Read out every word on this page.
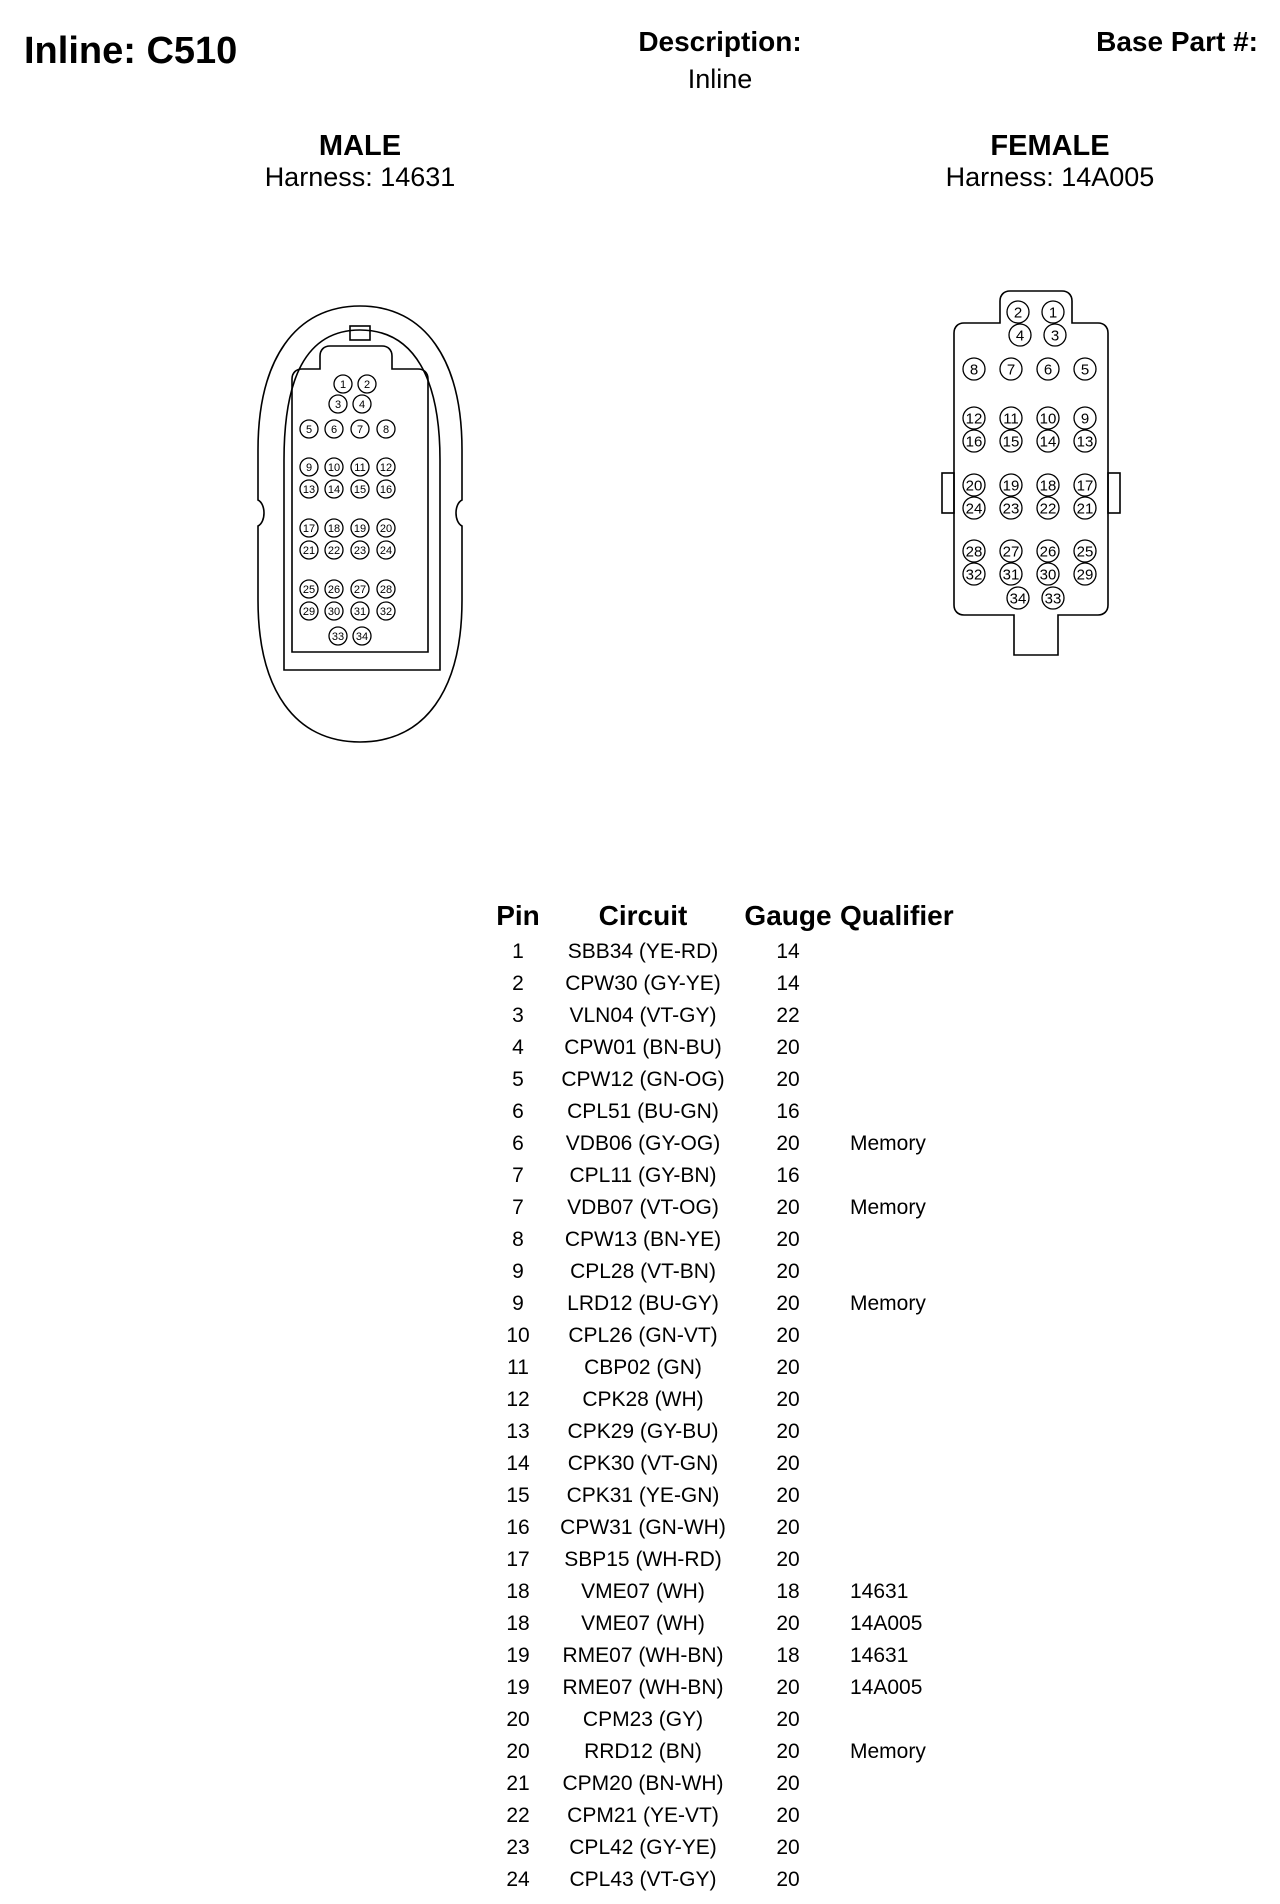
Inline: C510	Description:
Inline
Base Part #:
MALE
Harness: 14631
FEMALE
Harness: 14A005
1 2
3 4
5 6 7 8
9 10 11 12
13 14 15 16
17 18 19 20
21 22 23 24
25 26 27 28
29 30 31 32
33 34
2 1
4 3
8 7 6 5
12 11 10 9
16 15 14 13
20 19 18 17
24 23 22 21
28 27 26 25
32 31 30 29
34 33
Pin	Circuit	Gauge	Qualifier
1	SBB34 (YE-RD)	14	
2	CPW30 (GY-YE)	14	
3	VLN04 (VT-GY)	22	
4	CPW01 (BN-BU)	20	
5	CPW12 (GN-OG)	20	
6	CPL51 (BU-GN)	16	
6	VDB06 (GY-OG)	20	Memory
7	CPL11 (GY-BN)	16	
7	VDB07 (VT-OG)	20	Memory
8	CPW13 (BN-YE)	20	
9	CPL28 (VT-BN)	20	
9	LRD12 (BU-GY)	20	Memory
10	CPL26 (GN-VT)	20	
11	CBP02 (GN)	20	
12	CPK28 (WH)	20	
13	CPK29 (GY-BU)	20	
14	CPK30 (VT-GN)	20	
15	CPK31 (YE-GN)	20	
16	CPW31 (GN-WH)	20	
17	SBP15 (WH-RD)	20	
18	VME07 (WH)	18	14631
18	VME07 (WH)	20	14A005
19	RME07 (WH-BN)	18	14631
19	RME07 (WH-BN)	20	14A005
20	CPM23 (GY)	20	
20	RRD12 (BN)	20	Memory
21	CPM20 (BN-WH)	20	
22	CPM21 (YE-VT)	20	
23	CPL42 (GY-YE)	20	
24	CPL43 (VT-GY)	20	
